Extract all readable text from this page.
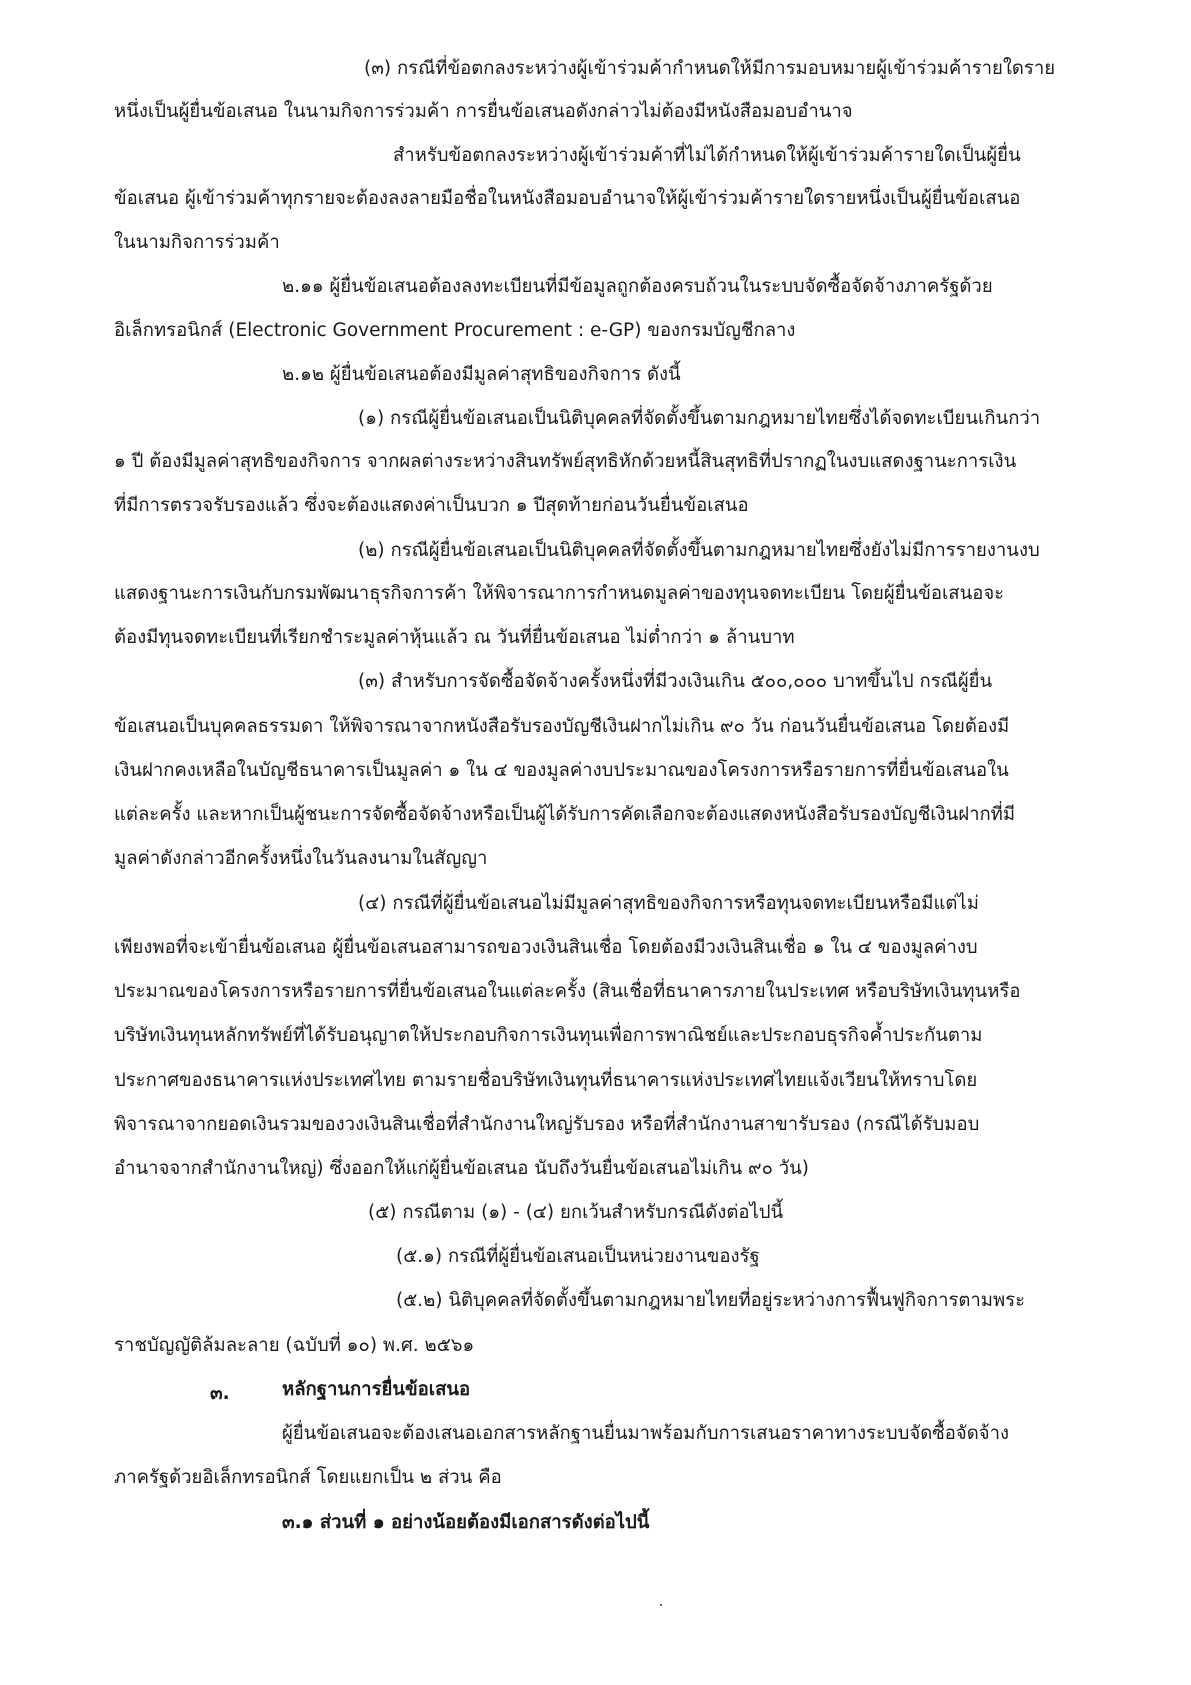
(๓) กรณีที่ข้อตกลงระหว่างผู้เข้าร่วมค้ากำหนดให้มีการมอบหมายผู้เข้าร่วมค้ารายใดราย
หนึ่งเป็นผู้ยื่นข้อเสนอ ในนามกิจการร่วมค้า การยื่นข้อเสนอดังกล่าวไม่ต้องมีหนังสือมอบอำนาจ
สำหรับข้อตกลงระหว่างผู้เข้าร่วมค้าที่ไม่ได้กำหนดให้ผู้เข้าร่วมค้ารายใดเป็นผู้ยื่น
ข้อเสนอ ผู้เข้าร่วมค้าทุกรายจะต้องลงลายมือชื่อในหนังสือมอบอำนาจให้ผู้เข้าร่วมค้ารายใดรายหนึ่งเป็นผู้ยื่นข้อเสนอ
ในนามกิจการร่วมค้า
๒.๑๑ ผู้ยื่นข้อเสนอต้องลงทะเบียนที่มีข้อมูลถูกต้องครบถ้วนในระบบจัดซื้อจัดจ้างภาครัฐด้วย
อิเล็กทรอนิกส์ (Electronic Government Procurement : e-GP) ของกรมบัญชีกลาง
๒.๑๒ ผู้ยื่นข้อเสนอต้องมีมูลค่าสุทธิของกิจการ ดังนี้
(๑) กรณีผู้ยื่นข้อเสนอเป็นนิติบุคคลที่จัดตั้งขึ้นตามกฎหมายไทยซึ่งได้จดทะเบียนเกินกว่า
๑ ปี ต้องมีมูลค่าสุทธิของกิจการ จากผลต่างระหว่างสินทรัพย์สุทธิหักด้วยหนี้สินสุทธิที่ปรากฏในงบแสดงฐานะการเงิน
ที่มีการตรวจรับรองแล้ว ซึ่งจะต้องแสดงค่าเป็นบวก ๑ ปีสุดท้ายก่อนวันยื่นข้อเสนอ
(๒) กรณีผู้ยื่นข้อเสนอเป็นนิติบุคคลที่จัดตั้งขึ้นตามกฎหมายไทยซึ่งยังไม่มีการรายงานงบ
แสดงฐานะการเงินกับกรมพัฒนาธุรกิจการค้า ให้พิจารณาการกำหนดมูลค่าของทุนจดทะเบียน โดยผู้ยื่นข้อเสนอจะ
ต้องมีทุนจดทะเบียนที่เรียกชำระมูลค่าหุ้นแล้ว ณ วันที่ยื่นข้อเสนอ ไม่ต่ำกว่า ๑ ล้านบาท
(๓) สำหรับการจัดซื้อจัดจ้างครั้งหนึ่งที่มีวงเงินเกิน ๕๐๐,๐๐๐ บาทขึ้นไป กรณีผู้ยื่น
ข้อเสนอเป็นบุคคลธรรมดา ให้พิจารณาจากหนังสือรับรองบัญชีเงินฝากไม่เกิน ๙๐ วัน ก่อนวันยื่นข้อเสนอ โดยต้องมี
เงินฝากคงเหลือในบัญชีธนาคารเป็นมูลค่า ๑ ใน ๔ ของมูลค่างบประมาณของโครงการหรือรายการที่ยื่นข้อเสนอใน
แต่ละครั้ง และหากเป็นผู้ชนะการจัดซื้อจัดจ้างหรือเป็นผู้ได้รับการคัดเลือกจะต้องแสดงหนังสือรับรองบัญชีเงินฝากที่มี
มูลค่าดังกล่าวอีกครั้งหนึ่งในวันลงนามในสัญญา
(๔) กรณีที่ผู้ยื่นข้อเสนอไม่มีมูลค่าสุทธิของกิจการหรือทุนจดทะเบียนหรือมีแต่ไม่
เพียงพอที่จะเข้ายื่นข้อเสนอ ผู้ยื่นข้อเสนอสามารถขอวงเงินสินเชื่อ โดยต้องมีวงเงินสินเชื่อ ๑ ใน ๔ ของมูลค่างบ
ประมาณของโครงการหรือรายการที่ยื่นข้อเสนอในแต่ละครั้ง (สินเชื่อที่ธนาคารภายในประเทศ หรือบริษัทเงินทุนหรือ
บริษัทเงินทุนหลักทรัพย์ที่ได้รับอนุญาตให้ประกอบกิจการเงินทุนเพื่อการพาณิชย์และประกอบธุรกิจค้ำประกันตาม
ประกาศของธนาคารแห่งประเทศไทย ตามรายชื่อบริษัทเงินทุนที่ธนาคารแห่งประเทศไทยแจ้งเวียนให้ทราบโดย
พิจารณาจากยอดเงินรวมของวงเงินสินเชื่อที่สำนักงานใหญ่รับรอง หรือที่สำนักงานสาขารับรอง (กรณีได้รับมอบ
อำนาจจากสำนักงานใหญ่) ซึ่งออกให้แก่ผู้ยื่นข้อเสนอ นับถึงวันยื่นข้อเสนอไม่เกิน ๙๐ วัน)
(๕) กรณีตาม (๑) - (๔) ยกเว้นสำหรับกรณีดังต่อไปนี้
(๕.๑) กรณีที่ผู้ยื่นข้อเสนอเป็นหน่วยงานของรัฐ
(๕.๒) นิติบุคคลที่จัดตั้งขึ้นตามกฎหมายไทยที่อยู่ระหว่างการฟื้นฟูกิจการตามพระ
ราชบัญญัติล้มละลาย (ฉบับที่ ๑๐) พ.ศ. ๒๕๖๑
๓.	หลักฐานการยื่นข้อเสนอ
ผู้ยื่นข้อเสนอจะต้องเสนอเอกสารหลักฐานยื่นมาพร้อมกับการเสนอราคาทางระบบจัดซื้อจัดจ้าง
ภาครัฐด้วยอิเล็กทรอนิกส์ โดยแยกเป็น ๒ ส่วน คือ
๓.๑ ส่วนที่ ๑ อย่างน้อยต้องมีเอกสารดังต่อไปนี้
